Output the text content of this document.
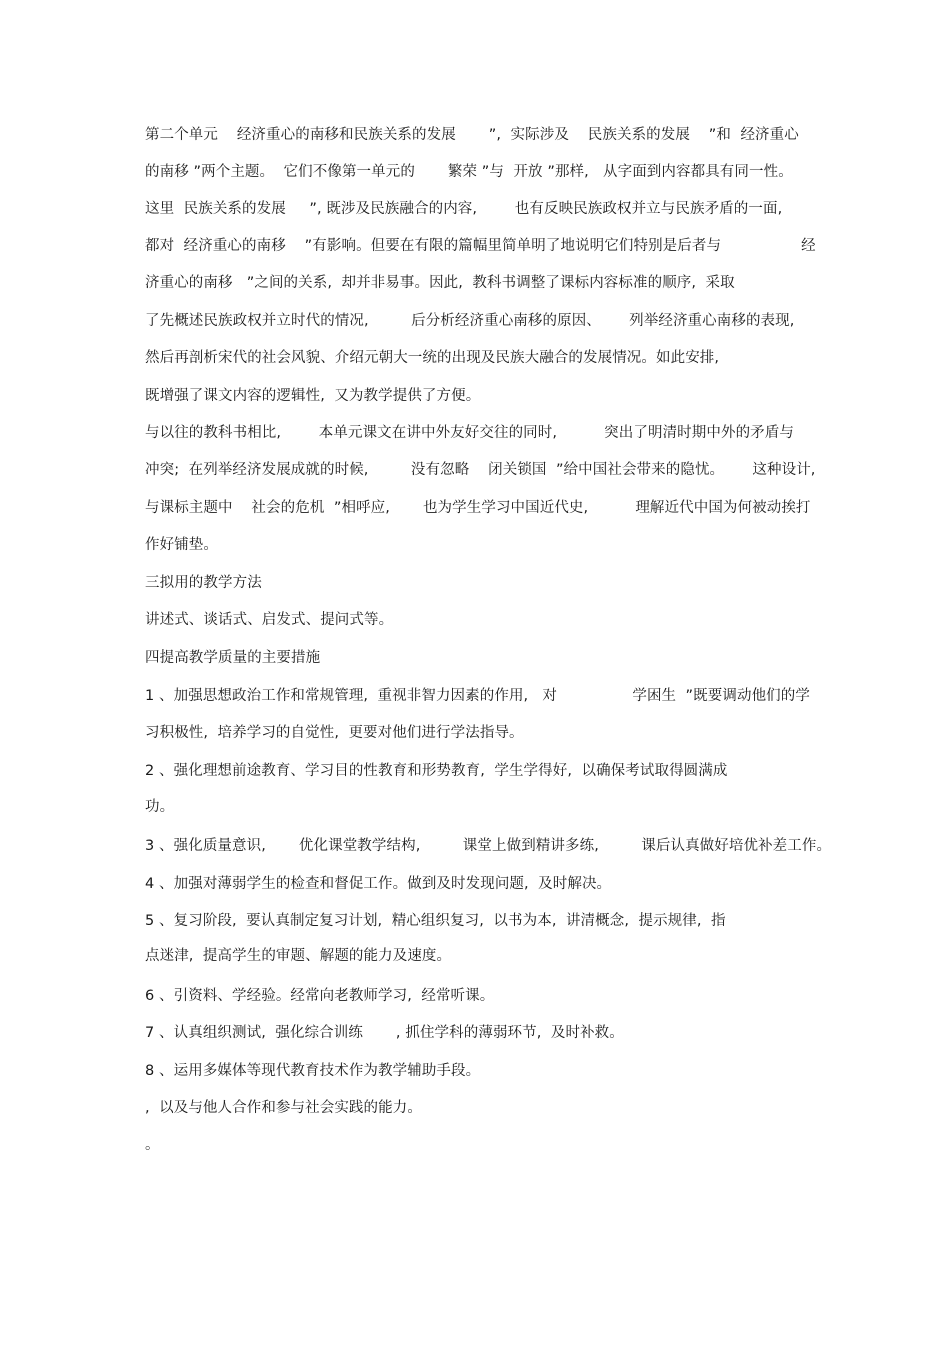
第二个单元    经济重心的南移和民族关系的发展       ”,  实际涉及    民族关系的发展    ”和  经济重心
的南移 ”两个主题。  它们不像第一单元的       繁荣 ”与  开放 ”那样,   从字面到内容都具有同一性。
这里  民族关系的发展     ”, 既涉及民族融合的内容,        也有反映民族政权并立与民族矛盾的一面,
都对  经济重心的南移    ”有影响。但要在有限的篇幅里简单明了地说明它们特别是后者与                 经
济重心的南移   ”之间的关系,  却并非易事。因此,  教科书调整了课标内容标准的顺序,  采取
了先概述民族政权并立时代的情况,         后分析经济重心南移的原因、      列举经济重心南移的表现,
然后再剖析宋代的社会风貌、介绍元朝大一统的出现及民族大融合的发展情况。如此安排,
既增强了课文内容的逻辑性,  又为教学提供了方便。
与以往的教科书相比,        本单元课文在讲中外友好交往的同时,          突出了明清时期中外的矛盾与
冲突;  在列举经济发展成就的时候,         没有忽略    闭关锁国  ”给中国社会带来的隐忧。      这种设计,
与课标主题中    社会的危机  ”相呼应,       也为学生学习中国近代史,          理解近代中国为何被动挨打
作好铺垫。
三拟用的教学方法
讲述式、谈话式、启发式、提问式等。
四提高教学质量的主要措施
1 、加强思想政治工作和常规管理,  重视非智力因素的作用,   对                学困生  ”既要调动他们的学
习积极性,  培养学习的自觉性,  更要对他们进行学法指导。
2 、强化理想前途教育、学习目的性教育和形势教育,  学生学得好,  以确保考试取得圆满成
功。
3 、强化质量意识,       优化课堂教学结构,         课堂上做到精讲多练,         课后认真做好培优补差工作。
4 、加强对薄弱学生的检查和督促工作。做到及时发现问题,  及时解决。
5 、复习阶段,  要认真制定复习计划,  精心组织复习,  以书为本,  讲清概念,  提示规律,  指
点迷津,  提高学生的审题、解题的能力及速度。
6 、引资料、学经验。经常向老教师学习,  经常听课。
7 、认真组织测试,  强化综合训练       , 抓住学科的薄弱环节,  及时补救。
8 、运用多媒体等现代教育技术作为教学辅助手段。
,  以及与他人合作和参与社会实践的能力。
。
